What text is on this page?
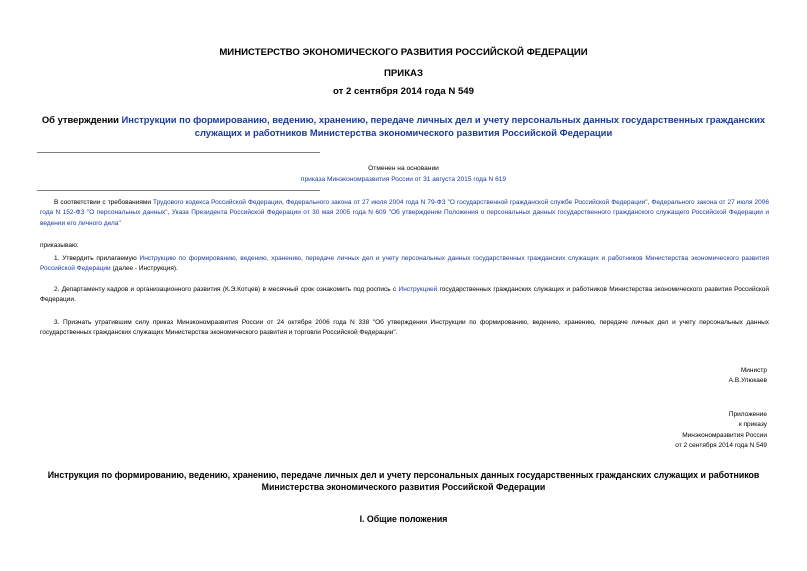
МИНИСТЕРСТВО ЭКОНОМИЧЕСКОГО РАЗВИТИЯ РОССИЙСКОЙ ФЕДЕРАЦИИ
ПРИКАЗ
от 2 сентября 2014 года N 549
Об утверждении Инструкции по формированию, ведению, хранению, передаче личных дел и учету персональных данных государственных гражданских служащих и работников Министерства экономического развития Российской Федерации
Отменен на основании
приказа Минэкономразвития России от 31 августа 2015 года N 619
В соответствии с требованиями Трудового кодекса Российской Федерации, Федерального закона от 27 июля 2004 года N 79-ФЗ "О государственной гражданской службе Российской Федерации", Федерального закона от 27 июля 2006 года N 152-ФЗ "О персональных данных", Указа Президента Российской Федерации от 30 мая 2005 года N 609 "Об утверждении Положения о персональных данных государственного гражданского служащего Российской Федерации и ведении его личного дела"
приказываю:
1. Утвердить прилагаемую Инструкцию по формированию, ведению, хранению, передаче личных дел и учету персональных данных государственных гражданских служащих и работников Министерства экономического развития Российской Федерации (далее - Инструкция).
2. Департаменту кадров и организационного развития (К.Э.Котцев) в месячный срок ознакомить под роспись с Инструкцией государственных гражданских служащих и работников Министерства экономического развития Российской Федерации.
3. Признать утратившим силу приказ Минэкономразвития России от 24 октября 2006 года N 338 "Об утверждении Инструкции по формированию, ведению, хранению, передаче личных дел и учету персональных данных государственных гражданских служащих Министерства экономического развития и торговли Российской Федерации".
Министр
А.В.Улюкаев
Приложение
к приказу
Минэкономразвития России
от 2 сентября 2014 года N 549
Инструкция по формированию, ведению, хранению, передаче личных дел и учету персональных данных государственных гражданских служащих и работников Министерства экономического развития Российской Федерации
I. Общие положения
